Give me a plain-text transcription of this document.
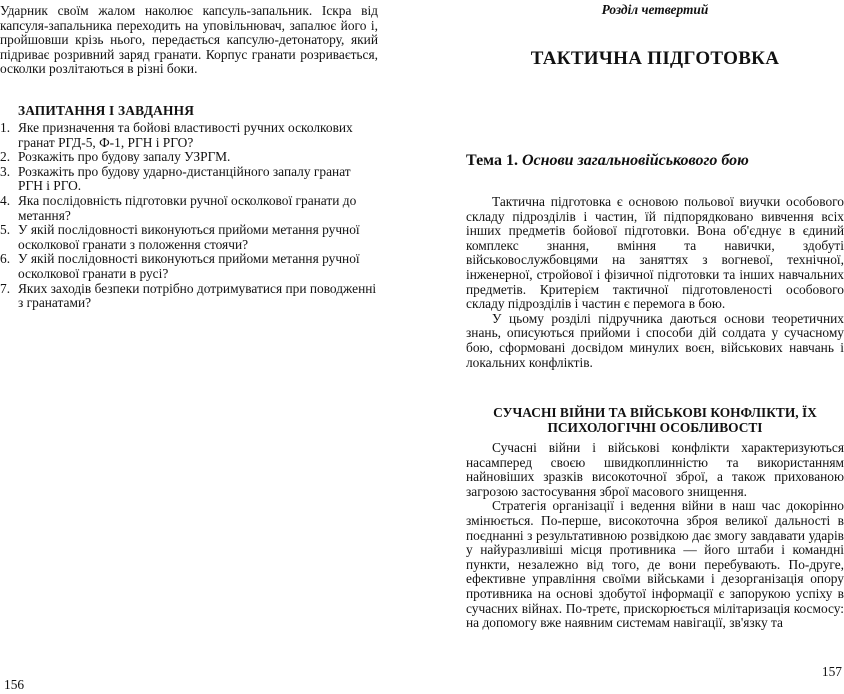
Ударник своїм жалом наколює капсуль-запальник. Іскра від капсуля-запальника переходить на уповільнювач, запалює його і, пройшовши крізь нього, передається капсулю-детонатору, який підриває розривний заряд гранати. Корпус гранати розривається, осколки розлітаються в різні боки.

ЗАПИТАННЯ І ЗАВДАННЯ
1. Яке призначення та бойові властивості ручних осколкових гранат РГД-5, Ф-1, РГН і РГО?
2. Розкажіть про будову запалу УЗРГМ.
3. Розкажіть про будову ударно-дистанційного запалу гранат РГН і РГО.
4. Яка послідовність підготовки ручної осколкової гранати до метання?
5. У якій послідовності виконуються прийоми метання ручної осколкової гранати з положення стоячи?
6. У якій послідовності виконуються прийоми метання ручної осколкової гранати в русі?
7. Яких заходів безпеки потрібно дотримуватися при поводженні з гранатами?
156
Розділ четвертий
ТАКТИЧНА ПІДГОТОВКА
Тема 1. Основи загальновійськового бою

Тактична підготовка є основою польової виучки особового складу підрозділів і частин, їй підпорядковано вивчення всіх інших предметів бойової підготовки. Вона об'єднує в єдиний комплекс знання, вміння та навички, здобуті військовослужбовцями на заняттях з вогневої, технічної, інженерної, стройової і фізичної підготовки та інших навчальних предметів. Критерієм тактичної підготовленості особового складу підрозділів і частин є перемога в бою.

У цьому розділі підручника даються основи теоретичних знань, описуються прийоми і способи дій солдата у сучасному бою, сформовані досвідом минулих воєн, військових навчань і локальних конфліктів.

СУЧАСНІ ВІЙНИ ТА ВІЙСЬКОВІ КОНФЛІКТИ, ЇХ
ПСИХОЛОГІЧНІ ОСОБЛИВОСТІ

Сучасні війни і військові конфлікти характеризуються насамперед своєю швидкоплинністю та використанням найновіших зразків високоточної зброї, а також прихованою загрозою застосування зброї масового знищення.

Стратегія організації і ведення війни в наш час докорінно змінюється. По-перше, високоточна зброя великої дальності в поєднанні з результативною розвідкою дає змогу завдавати ударів у найуразливіші місця противника — його штаби і командні пункти, незалежно від того, де вони перебувають. По-друге, ефективне управління своїми військами і дезорганізація опору противника на основі здобутої інформації є запорукою успіху в сучасних війнах. По-третє, прискорюється мілітаризація космосу: на допомогу вже наявним системам навігації, зв'язку та

157
